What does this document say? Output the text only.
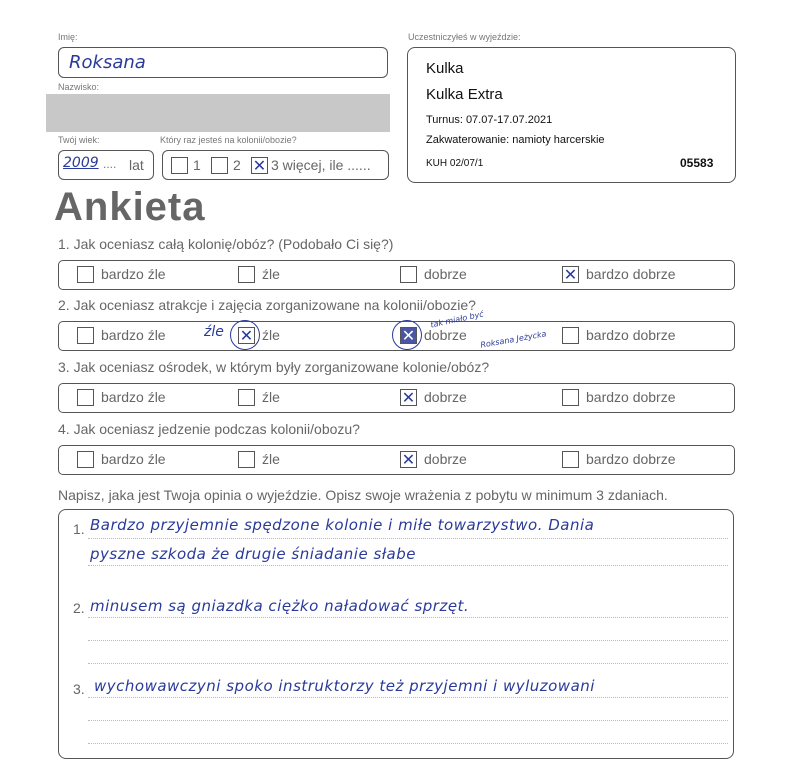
Imię:
Roksana
Nazwisko:
Twój wiek:
2009 .... lat
Który raz jesteś na kolonii/obozie?
1 2 ✕ 3 więcej, ile ......
Uczestniczyłeś w wyjeździe:
Kulka
Kulka Extra
Turnus: 07.07-17.07.2021
Zakwaterowanie: namioty harcerskie
KUH 02/07/1	05583
Ankieta
1. Jak oceniasz całą kolonię/obóz? (Podobało Ci się?)
2. Jak oceniasz atrakcje i zajęcia zorganizowane na kolonii/obozie?
3. Jak oceniasz ośrodek, w którym były zorganizowane kolonie/obóz?
4. Jak oceniasz jedzenie podczas kolonii/obozu?
bardzo źle	źle	dobrze	✕ bardzo dobrze
bardzo źle	źle ✕ źle	✕ dobrze
tak miało być
Roksana Jeżycka	bardzo dobrze
bardzo źle	źle	✕ dobrze	bardzo dobrze
bardzo źle	źle	✕ dobrze	bardzo dobrze
Napisz, jaka jest Twoja opinia o wyjeździe. Opisz swoje wrażenia z pobytu w minimum 3 zdaniach.
1. Bardzo przyjemnie spędzone kolonie i miłe towarzystwo. Dania
pyszne szkoda że drugie śniadanie słabe
2. minusem są gniazdka ciężko naładować sprzęt.
3. wychowawczyni spoko instruktorzy też przyjemni i wyluzowani
